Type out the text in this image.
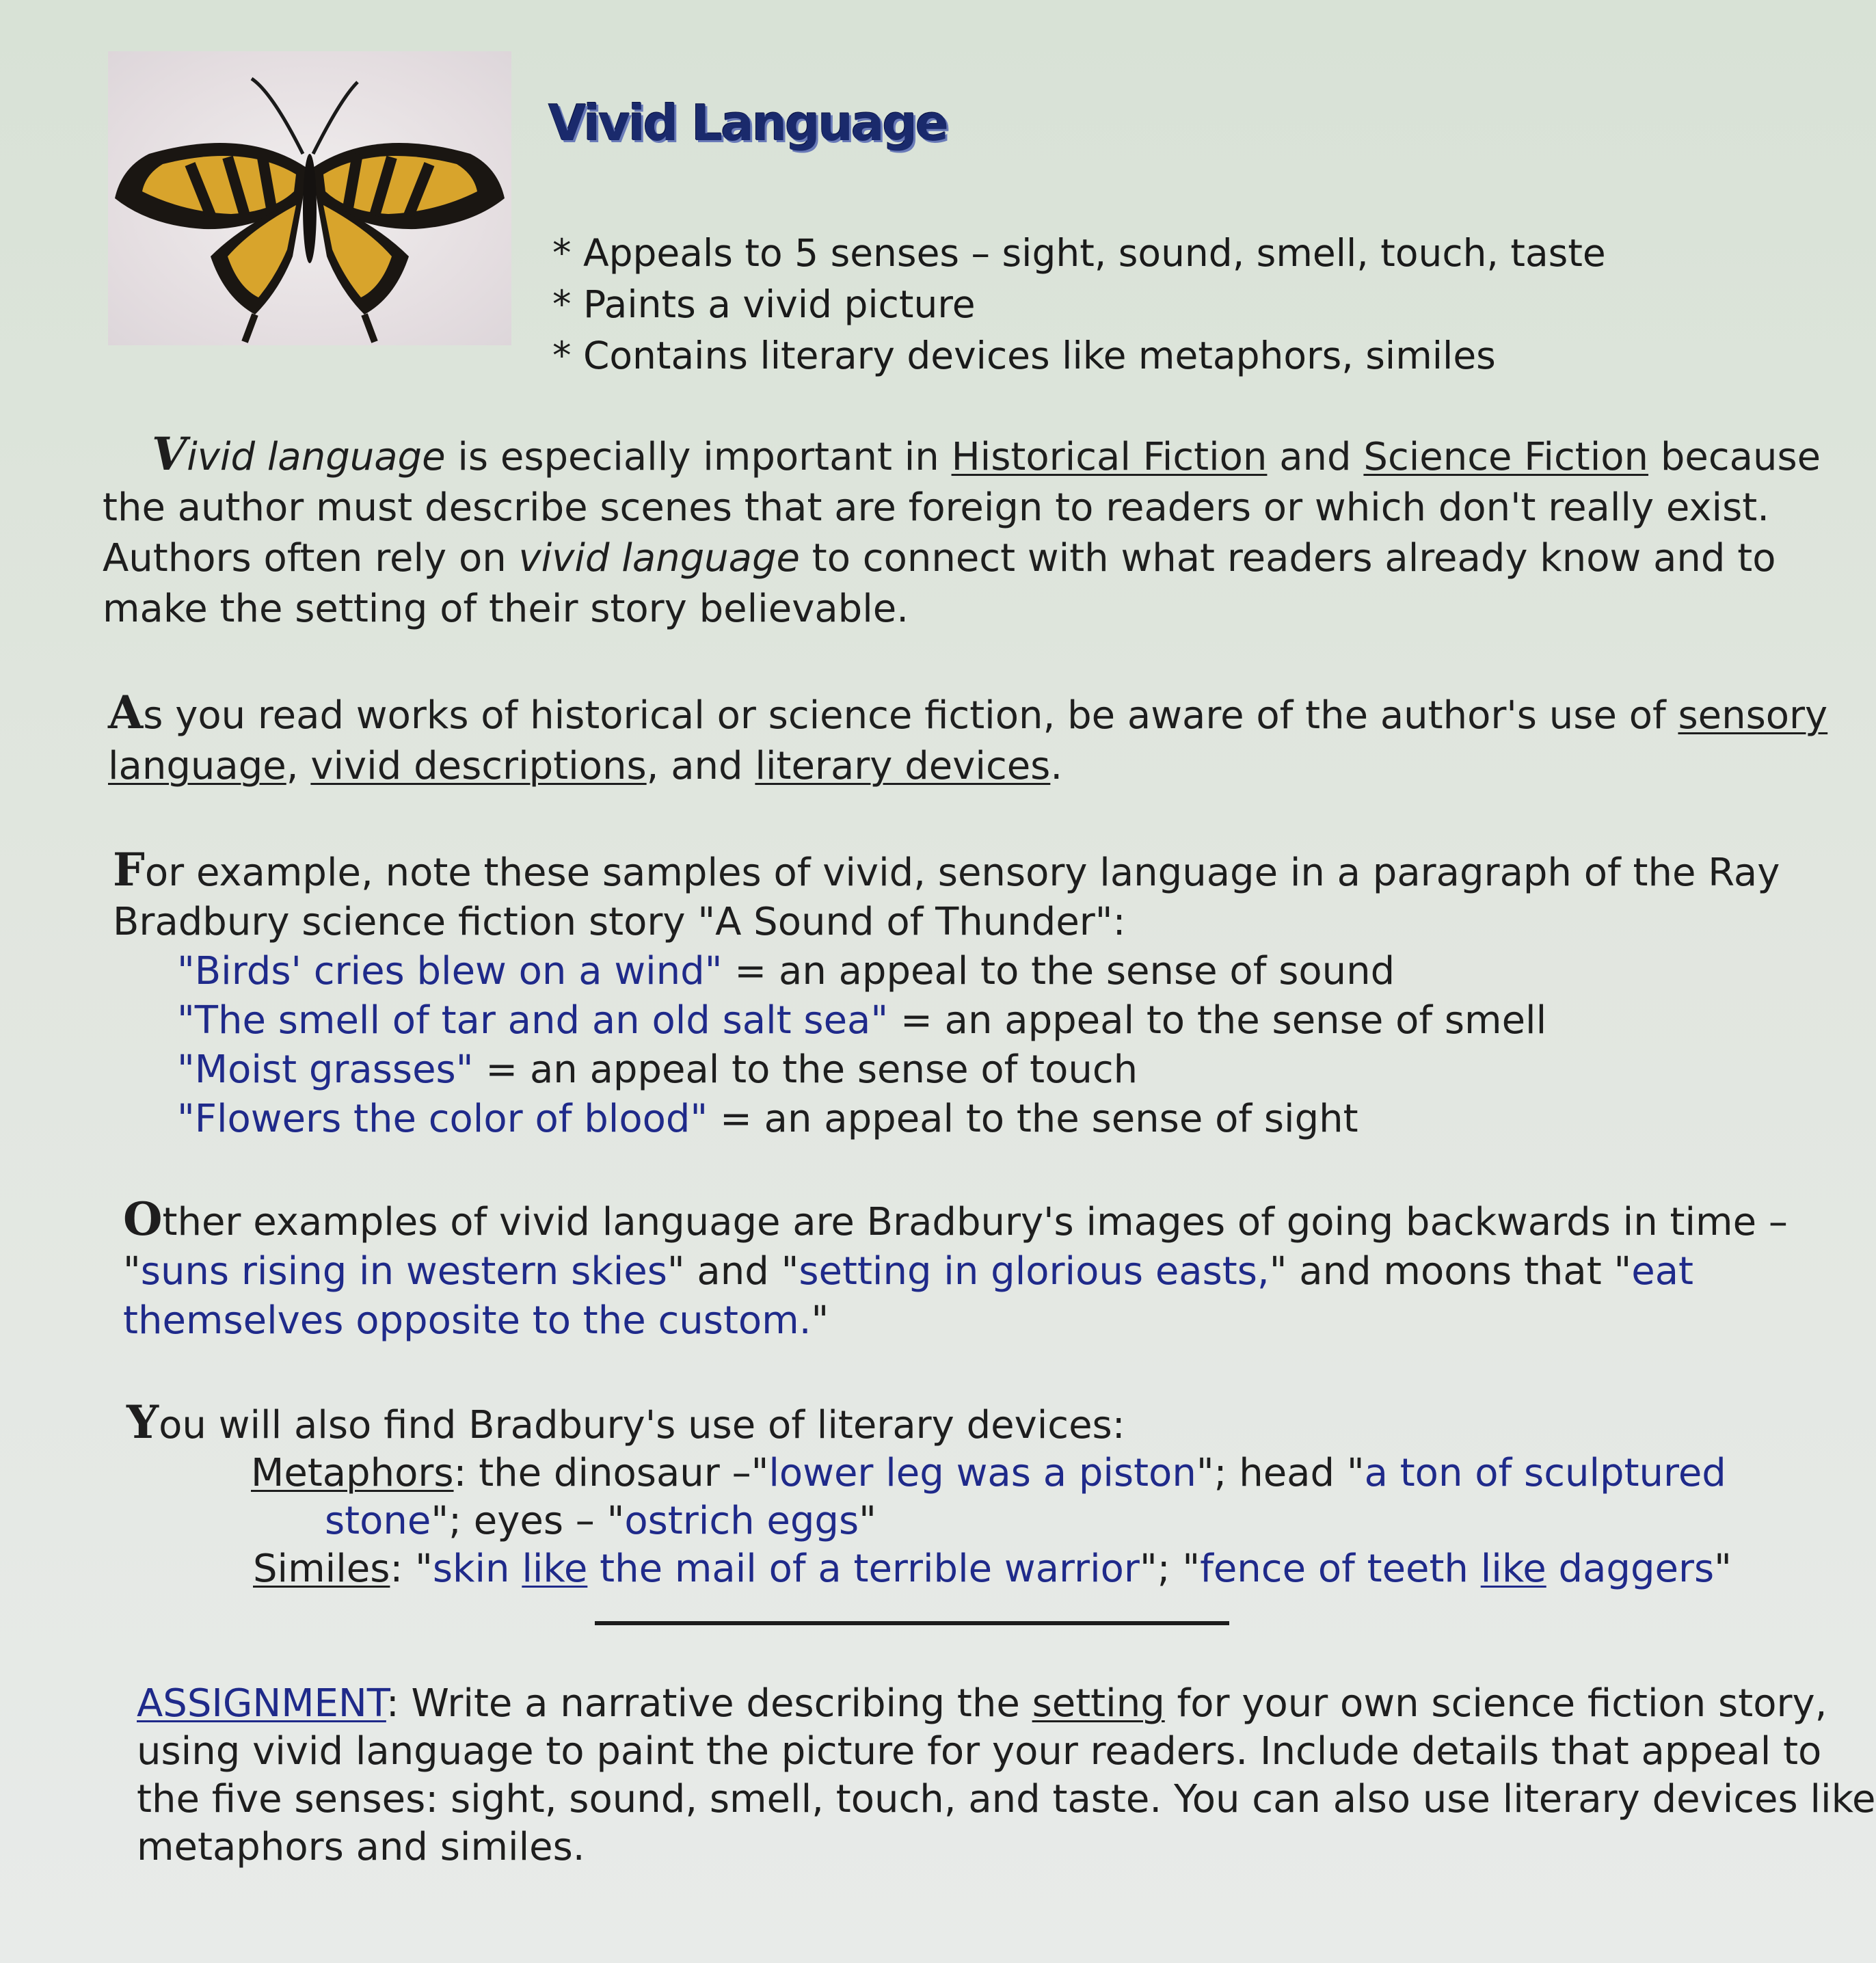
Vivid Language
* Appeals to 5 senses – sight, sound, smell, touch, taste
* Paints a vivid picture
* Contains literary devices like metaphors, similes
Vivid language is especially important in Historical Fiction and Science Fiction because
the author must describe scenes that are foreign to readers or which don't really exist.
Authors often rely on vivid language to connect with what readers already know and to
make the setting of their story believable.
As you read works of historical or science fiction, be aware of the author's use of sensory
language, vivid descriptions, and literary devices.
For example, note these samples of vivid, sensory language in a paragraph of the Ray
Bradbury science fiction story "A Sound of Thunder":
"Birds' cries blew on a wind" = an appeal to the sense of sound
"The smell of tar and an old salt sea" = an appeal to the sense of smell
"Moist grasses" = an appeal to the sense of touch
"Flowers the color of blood" = an appeal to the sense of sight
Other examples of vivid language are Bradbury's images of going backwards in time –
"suns rising in western skies" and "setting in glorious easts," and moons that "eat
themselves opposite to the custom."
You will also find Bradbury's use of literary devices:
Metaphors: the dinosaur –"lower leg was a piston"; head "a ton of sculptured
stone"; eyes – "ostrich eggs"
Similes: "skin like the mail of a terrible warrior"; "fence of teeth like daggers"
ASSIGNMENT: Write a narrative describing the setting for your own science fiction story,
using vivid language to paint the picture for your readers. Include details that appeal to
the five senses: sight, sound, smell, touch, and taste. You can also use literary devices like
metaphors and similes.
